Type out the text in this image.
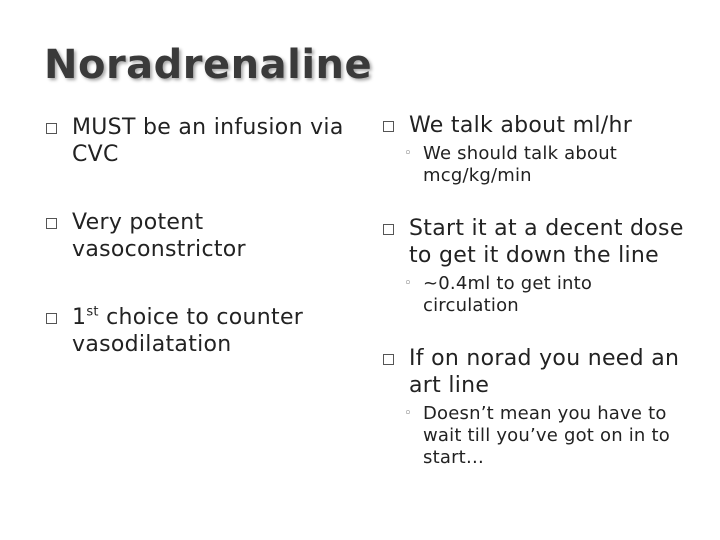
Noradrenaline
MUST be an infusion via CVC
Very potent vasoconstrictor
1st choice to counter vasodilatation
We talk about ml/hr
◦ We should talk about mcg/kg/min
Start it at a decent dose to get it down the line
◦ ~0.4ml to get into circulation
If on norad you need an art line
◦ Doesn’t mean you have to wait till you’ve got on in to start…
